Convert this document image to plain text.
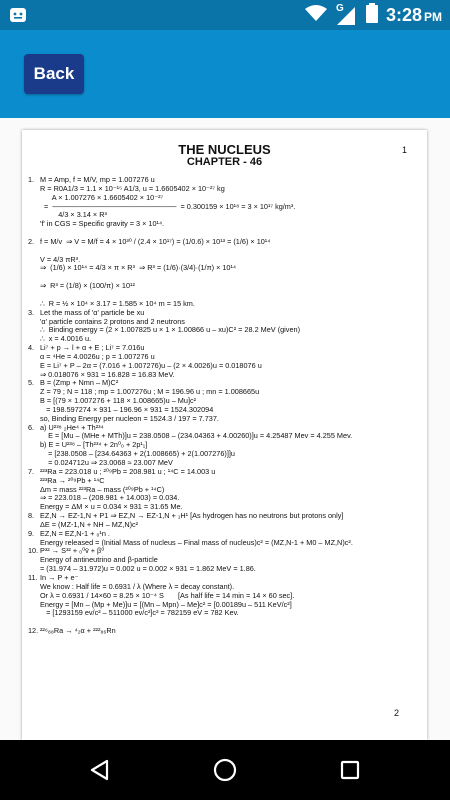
G 3:28 PM
Back
THE NUCLEUS
CHAPTER - 46
1
1. M = Amp, f = M/V, mp = 1.007276 u
R = R0A1/3 = 1.1 × 10⁻¹⁵ A1/3, u = 1.6605402 × 10⁻²⁷ kg
A × 1.007276 × 1.6605402 × 10⁻²⁷
=  ────────────────────────  = 0.300159 × 10¹⁸ = 3 × 10¹⁷ kg/m³.
4/3 × 3.14 × R³
'f' in CGS = Specific gravity = 3 × 10¹⁴.
2. f = M/v  ⇒ V = M/f = 4 × 10³⁰ / (2.4 × 10¹⁷) = (1/0.6) × 10¹³ = (1/6) × 10¹⁴
V = 4/3 πR³.
⇒  (1/6) × 10¹⁴ = 4/3 × π × R³  ⇒ R³ = (1/6)·(3/4)·(1/π) × 10¹⁴
⇒  R³ = (1/8) × (100/π) × 10¹²
∴  R = ½ × 10⁴ × 3.17 = 1.585 × 10⁴ m = 15 km.
3. Let the mass of 'α' particle be xu
'α' particle contains 2 protons and 2 neutrons
∴  Binding energy = (2 × 1.007825 u × 1 × 1.00866 u – xu)C² = 28.2 MeV (given)
∴  x = 4.0016 u.
4. Li⁷ + p → l + α + E ; Li⁷ = 7.016u
α = ⁴He = 4.0026u ; p = 1.007276 u
E = Li⁷ + P – 2α = (7.016 + 1.007276)u – (2 × 4.0026)u = 0.018076 u
⇒ 0.018076 × 931 = 16.828 = 16.83 MeV.
5. B = (Zmp + Nmn – M)C²
Z = 79 ; N = 118 ; mp = 1.007276u ; M = 196.96 u ; mn = 1.008665u
B = [(79 × 1.007276 + 118 × 1.008665)u – Mu]c²
= 198.597274 × 931 – 196.96 × 931 = 1524.302094
so, Binding Energy per nucleon = 1524.3 / 197 = 7.737.
6. a) U²³⁸ ₂He⁴ + Th²³⁴
E = [Mu – (MHe + MTh)]u = 238.0508 – (234.04363 + 4.00260)]u = 4.25487 Mev = 4.255 Mev.
b) E = U²³⁸ – [Th²³⁴ + 2n⁰₀ + 2p¹₁]
= [238.0508 – [234.64363 + 2(1.008665) + 2(1.007276)]]u
= 0.024712u ⇒ 23.0068 ≈ 23.007 MeV
7. ²²³Ra = 223.018 u ; ²⁰⁹Pb = 208.981 u ; ¹⁴C = 14.003 u
²²³Ra → ²⁰⁹Pb + ¹⁴C
Δm = mass ²²³Ra – mass (²⁰⁹Pb + ¹⁴C)
⇒ = 223.018 – (208.981 + 14.003) = 0.034.
Energy = ΔM × u = 0.034 × 931 = 31.65 Me.
8. EZ,N → EZ-1,N + P1 ⇒ EZ,N → EZ-1,N + ₁H¹ [As hydrogen has no neutrons but protons only]
ΔE = (MZ-1,N + NH – MZ,N)c²
9. EZ,N = EZ,N-1 + ₀¹n .
Energy released = (Initial Mass of nucleus – Final mass of nucleus)c² = (MZ,N-1 + M0 – MZ,N)c².
10. P³² → S³² + ₀⁰v̄ + β⁰
Energy of antineutrino and β-particle
= (31.974 – 31.972)u = 0.002 u = 0.002 × 931 = 1.862 MeV = 1.86.
11. In → P + e⁻
We know : Half life = 0.6931 / λ (Where λ = decay constant).
Or λ = 0.6931 / 14×60 = 8.25 × 10⁻⁴ S       [As half life = 14 min = 14 × 60 sec].
Energy = [Mn – (Mp + Me)]u = [(Mn – Mpn) – Me]c² = [0.00189u – 511 KeV/c²]
= [1293159 ev/c² – 511000 ev/c²]c² = 782159 eV = 782 Kev.
12. ²²⁶₈₈Ra → ⁴₂α + ²²²₈₆Rn
2
